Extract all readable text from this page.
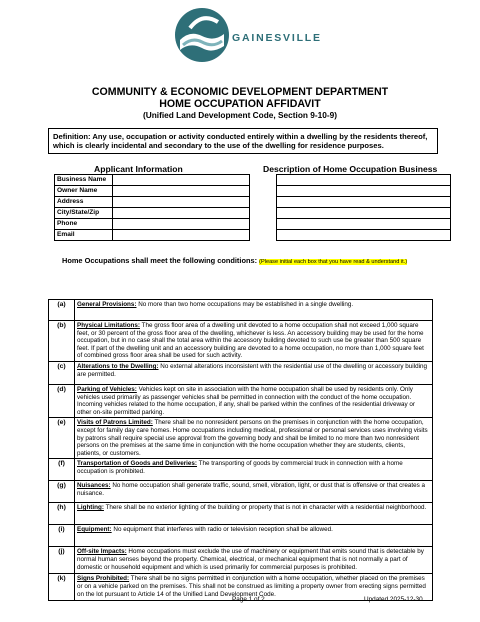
GAINESVILLE
COMMUNITY & ECONOMIC DEVELOPMENT DEPARTMENT
HOME OCCUPATION AFFIDAVIT
(Unified Land Development Code, Section 9-10-9)
Definition: Any use, occupation or activity conducted entirely within a dwelling by the residents thereof, which is clearly incidental and secondary to the use of the dwelling for residence purposes.
Applicant Information	Description of Home Occupation Business
Business Name			
Owner Name			
Address			
City/State/Zip			
Phone			
Email			
Home Occupations shall meet the following conditions: (Please initial each box that you have read & understand it.)
(a)	General Provisions: No more than two home occupations may be established in a single dwelling.
(b)	Physical Limitations: The gross floor area of a dwelling unit devoted to a home occupation shall not exceed 1,000 square feet, or 30 percent of the gross floor area of the dwelling, whichever is less. An accessory building may be used for the home occupation, but in no case shall the total area within the accessory building devoted to such use be greater than 500 square feet. If part of the dwelling unit and an accessory building are devoted to a home occupation, no more than 1,000 square feet of combined gross floor area shall be used for such activity.
(c)	Alterations to the Dwelling: No external alterations inconsistent with the residential use of the dwelling or accessory building are permitted.
(d)	Parking of Vehicles: Vehicles kept on site in association with the home occupation shall be used by residents only. Only vehicles used primarily as passenger vehicles shall be permitted in connection with the conduct of the home occupation. Incoming vehicles related to the home occupation, if any, shall be parked within the confines of the residential driveway or other on-site permitted parking.
(e)	Visits of Patrons Limited: There shall be no nonresident persons on the premises in conjunction with the home occupation, except for family day care homes. Home occupations including medical, professional or personal services uses involving visits by patrons shall require special use approval from the governing body and shall be limited to no more than two nonresident persons on the premises at the same time in conjunction with the home occupation whether they are students, clients, patients, or customers.
(f)	Transportation of Goods and Deliveries: The transporting of goods by commercial truck in connection with a home occupation is prohibited.
(g)	Nuisances: No home occupation shall generate traffic, sound, smell, vibration, light, or dust that is offensive or that creates a nuisance.
(h)	Lighting: There shall be no exterior lighting of the building or property that is not in character with a residential neighborhood.
(i)	Equipment: No equipment that interferes with radio or television reception shall be allowed.
(j)	Off-site Impacts: Home occupations must exclude the use of machinery or equipment that emits sound that is detectable by normal human senses beyond the property. Chemical, electrical, or mechanical equipment that is not normally a part of domestic or household equipment and which is used primarily for commercial purposes is prohibited.
(k)	Signs Prohibited: There shall be no signs permitted in conjunction with a home occupation, whether placed on the premises or on a vehicle parked on the premises. This shall not be construed as limiting a property owner from erecting signs permitted on the lot pursuant to Article 14 of the Unified Land Development Code.
Page 1 of 2	Updated 2025-12-30
